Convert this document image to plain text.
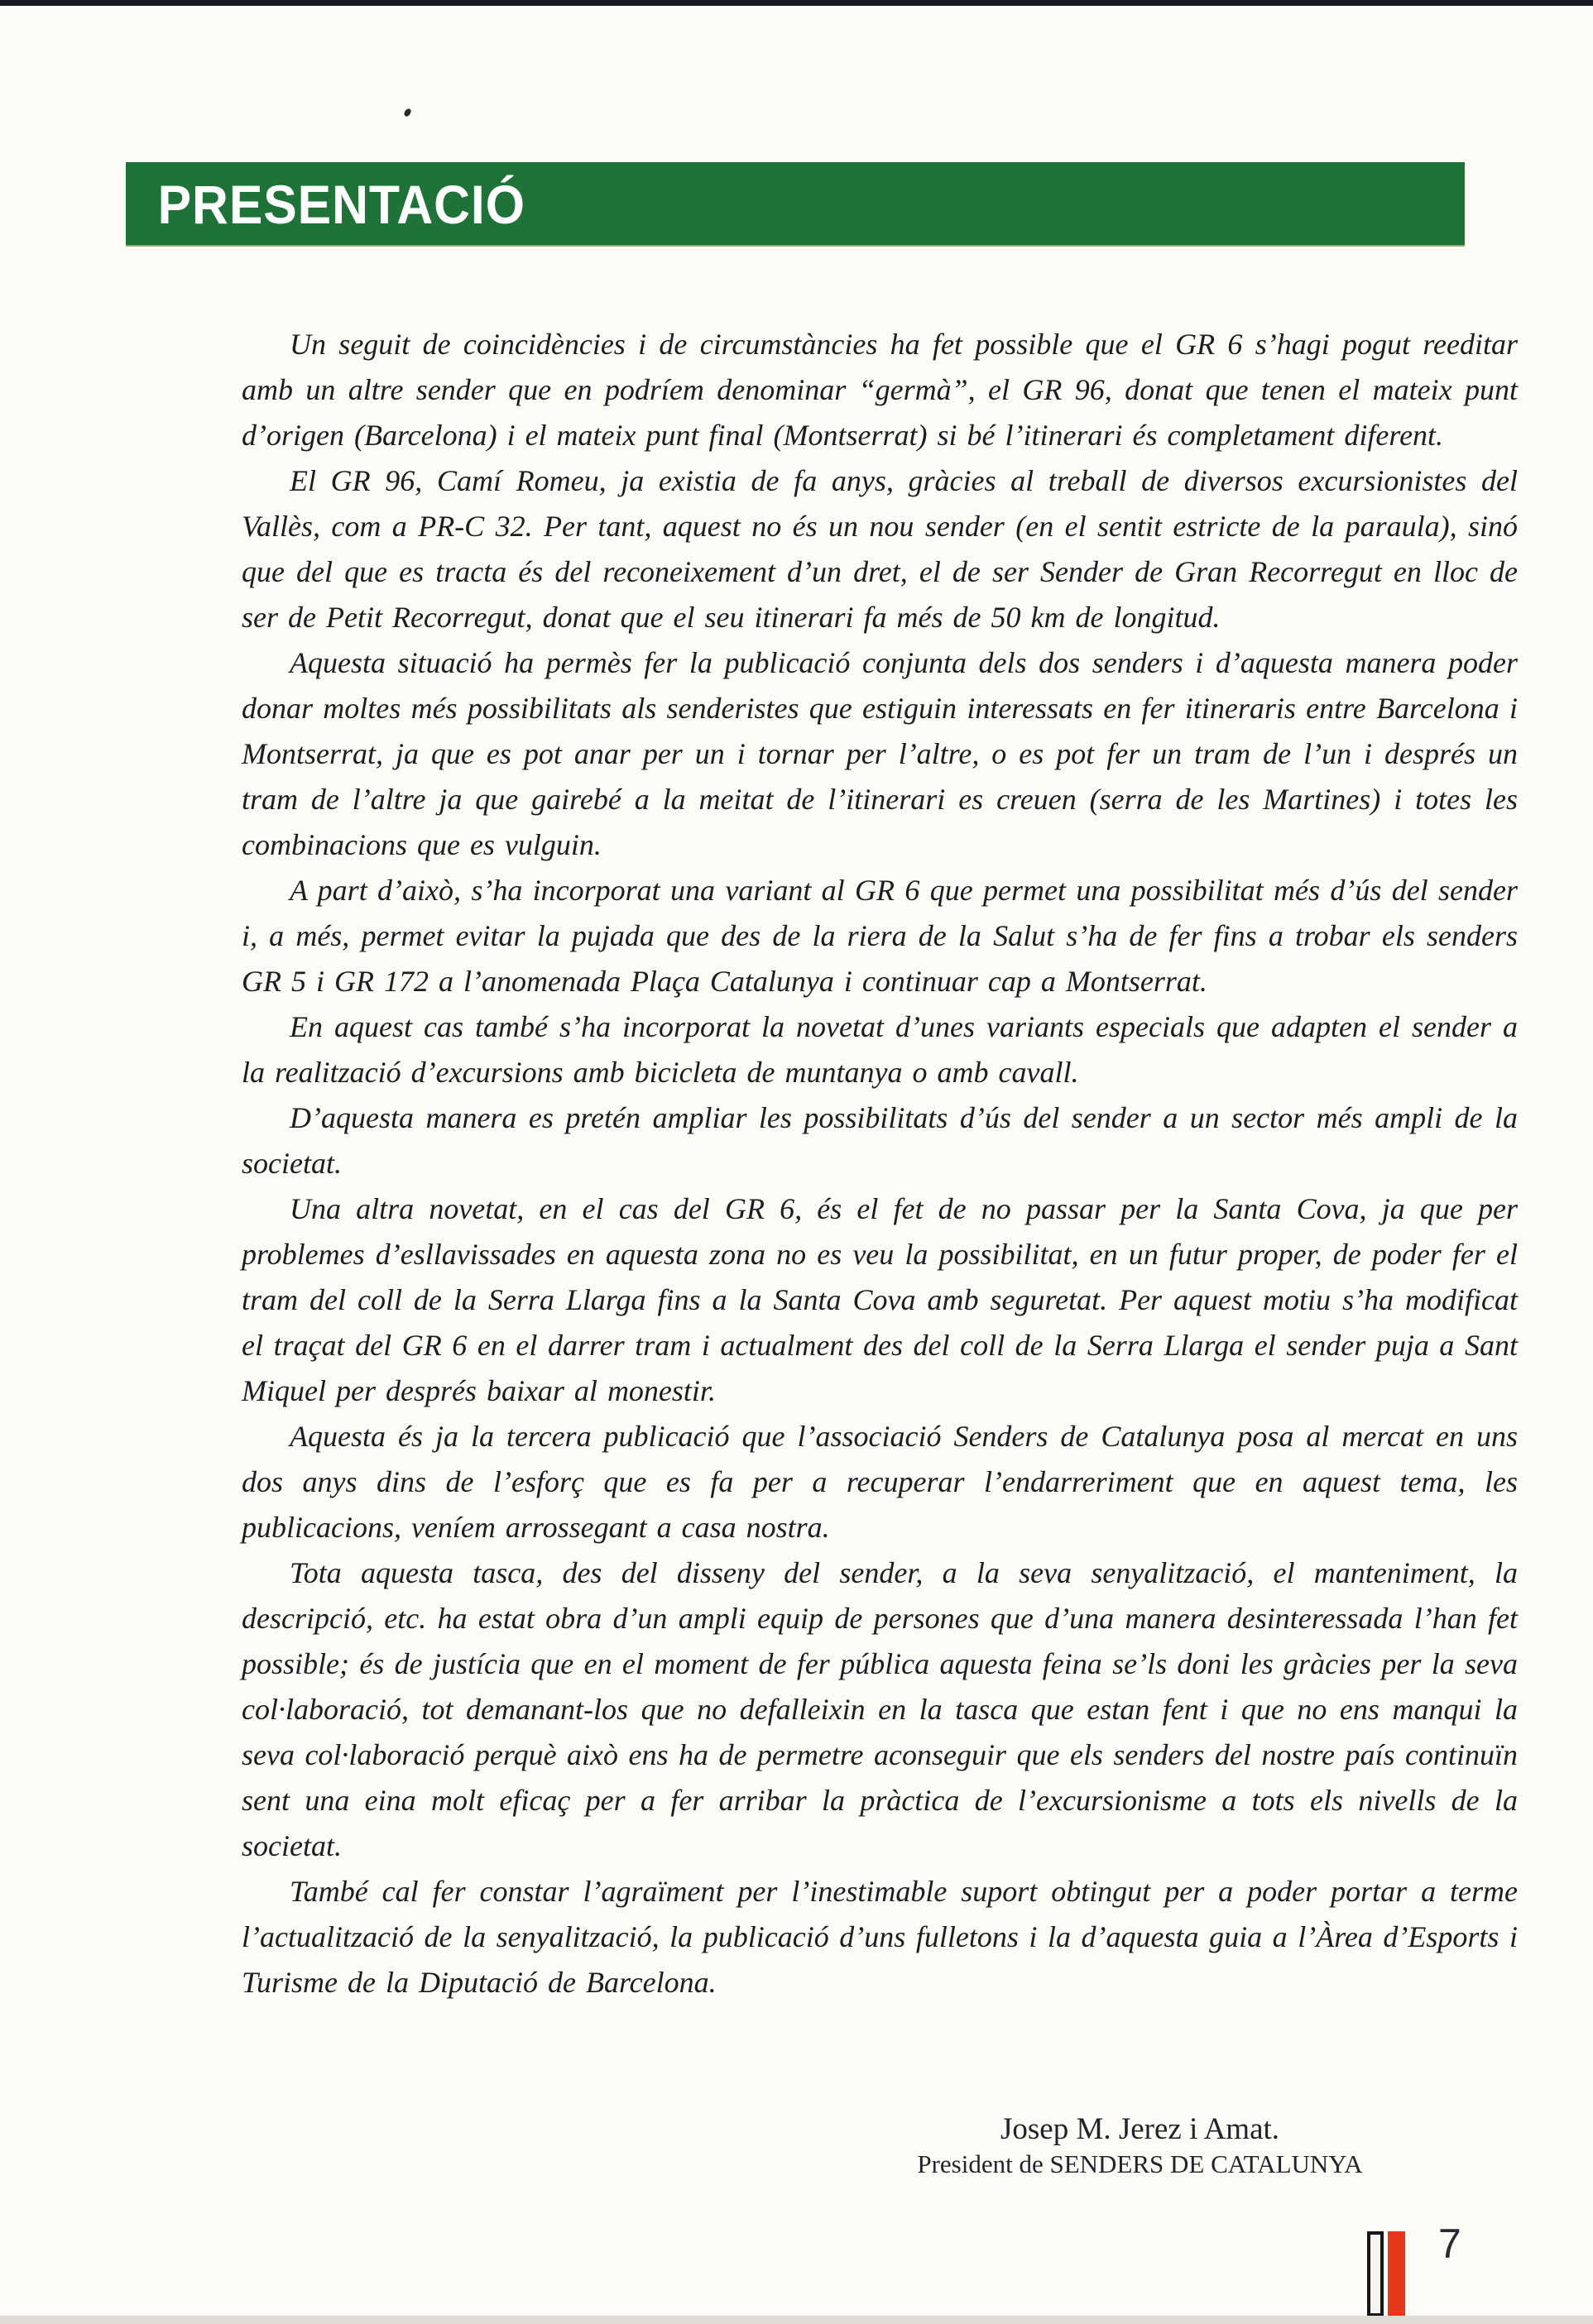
PRESENTACIÓ

Un seguit de coincidències i de circumstàncies ha fet possible que el GR 6 s’hagi pogut reeditar amb un altre sender que en podríem denominar “germà”, el GR 96, donat que tenen el mateix punt d’origen (Barcelona) i el mateix punt final (Montserrat) si bé l’itinerari és completament diferent.

El GR 96, Camí Romeu, ja existia de fa anys, gràcies al treball de diversos excursionistes del Vallès, com a PR-C 32. Per tant, aquest no és un nou sender (en el sentit estricte de la paraula), sinó que del que es tracta és del reconeixement d’un dret, el de ser Sender de Gran Recorregut en lloc de ser de Petit Recorregut, donat que el seu itinerari fa més de 50 km de longitud.

Aquesta situació ha permès fer la publicació conjunta dels dos senders i d’aquesta manera poder donar moltes més possibilitats als senderistes que estiguin interessats en fer itineraris entre Barcelona i Montserrat, ja que es pot anar per un i tornar per l’altre, o es pot fer un tram de l’un i després un tram de l’altre ja que gairebé a la meitat de l’itinerari es creuen (serra de les Martines) i totes les combinacions que es vulguin.

A part d’això, s’ha incorporat una variant al GR 6 que permet una possibilitat més d’ús del sender i, a més, permet evitar la pujada que des de la riera de la Salut s’ha de fer fins a trobar els senders GR 5 i GR 172 a l’anomenada Plaça Catalunya i continuar cap a Montserrat.

En aquest cas també s’ha incorporat la novetat d’unes variants especials que adapten el sender a la realització d’excursions amb bicicleta de muntanya o amb cavall.

D’aquesta manera es pretén ampliar les possibilitats d’ús del sender a un sector més ampli de la societat.

Una altra novetat, en el cas del GR 6, és el fet de no passar per la Santa Cova, ja que per problemes d’esllavissades en aquesta zona no es veu la possibilitat, en un futur proper, de poder fer el tram del coll de la Serra Llarga fins a la Santa Cova amb seguretat. Per aquest motiu s’ha modificat el traçat del GR 6 en el darrer tram i actualment des del coll de la Serra Llarga el sender puja a Sant Miquel per després baixar al monestir.

Aquesta és ja la tercera publicació que l’associació Senders de Catalunya posa al mercat en uns dos anys dins de l’esforç que es fa per a recuperar l’endarreriment que en aquest tema, les publicacions, veníem arrossegant a casa nostra.

Tota aquesta tasca, des del disseny del sender, a la seva senyalització, el manteniment, la descripció, etc. ha estat obra d’un ampli equip de persones que d’una manera desinteressada l’han fet possible; és de justícia que en el moment de fer pública aquesta feina se’ls doni les gràcies per la seva col·laboració, tot demanant-los que no defalleixin en la tasca que estan fent i que no ens manqui la seva col·laboració perquè això ens ha de permetre aconseguir que els senders del nostre país continuïn sent una eina molt eficaç per a fer arribar la pràctica de l’excursionisme a tots els nivells de la societat.

També cal fer constar l’agraïment per l’inestimable suport obtingut per a poder portar a terme l’actualització de la senyalització, la publicació d’uns fulletons i la d’aquesta guia a l’Àrea d’Esports i Turisme de la Diputació de Barcelona.

Josep M. Jerez i Amat.

President de SENDERS DE CATALUNYA

7
